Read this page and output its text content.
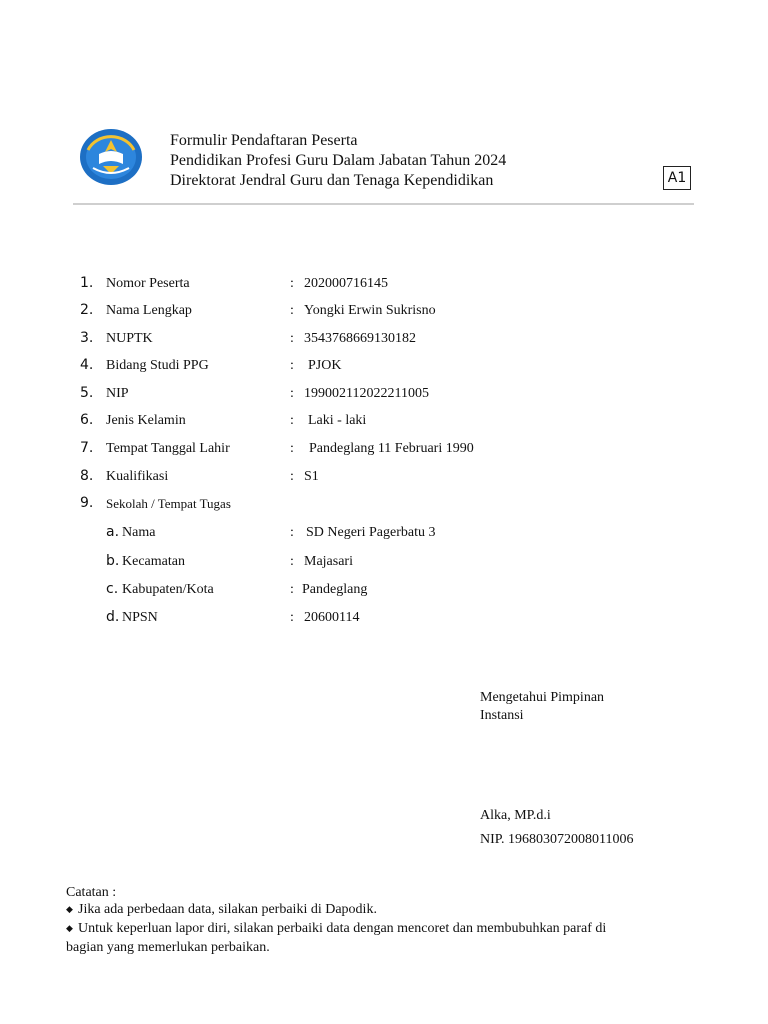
Formulir Pendaftaran Peserta
Pendidikan Profesi Guru Dalam Jabatan Tahun 2024
Direktorat Jendral Guru dan Tenaga Kependidikan	A1
1. Nomor Peserta	: 202000716145
2. Nama Lengkap	: Yongki Erwin Sukrisno
3. NUPTK	: 3543768669130182
4. Bidang Studi PPG	: PJOK
5. NIP	: 199002112022211005
6. Jenis Kelamin	: Laki - laki
7. Tempat Tanggal Lahir	: Pandeglang 11 Februari 1990
8. Kualifikasi	: S1
9. Sekolah / Tempat Tugas
a. Nama	: SD Negeri Pagerbatu 3
b. Kecamatan	: Majasari
c. Kabupaten/Kota	: Pandeglang
d. NPSN	: 20600114
Mengetahui Pimpinan
Instansi
Alka, MP.d.i
NIP. 196803072008011006
Catatan :
◆ Jika ada perbedaan data, silakan perbaiki di Dapodik.
◆ Untuk keperluan lapor diri, silakan perbaiki data dengan mencoret dan membubuhkan paraf di
bagian yang memerlukan perbaikan.
